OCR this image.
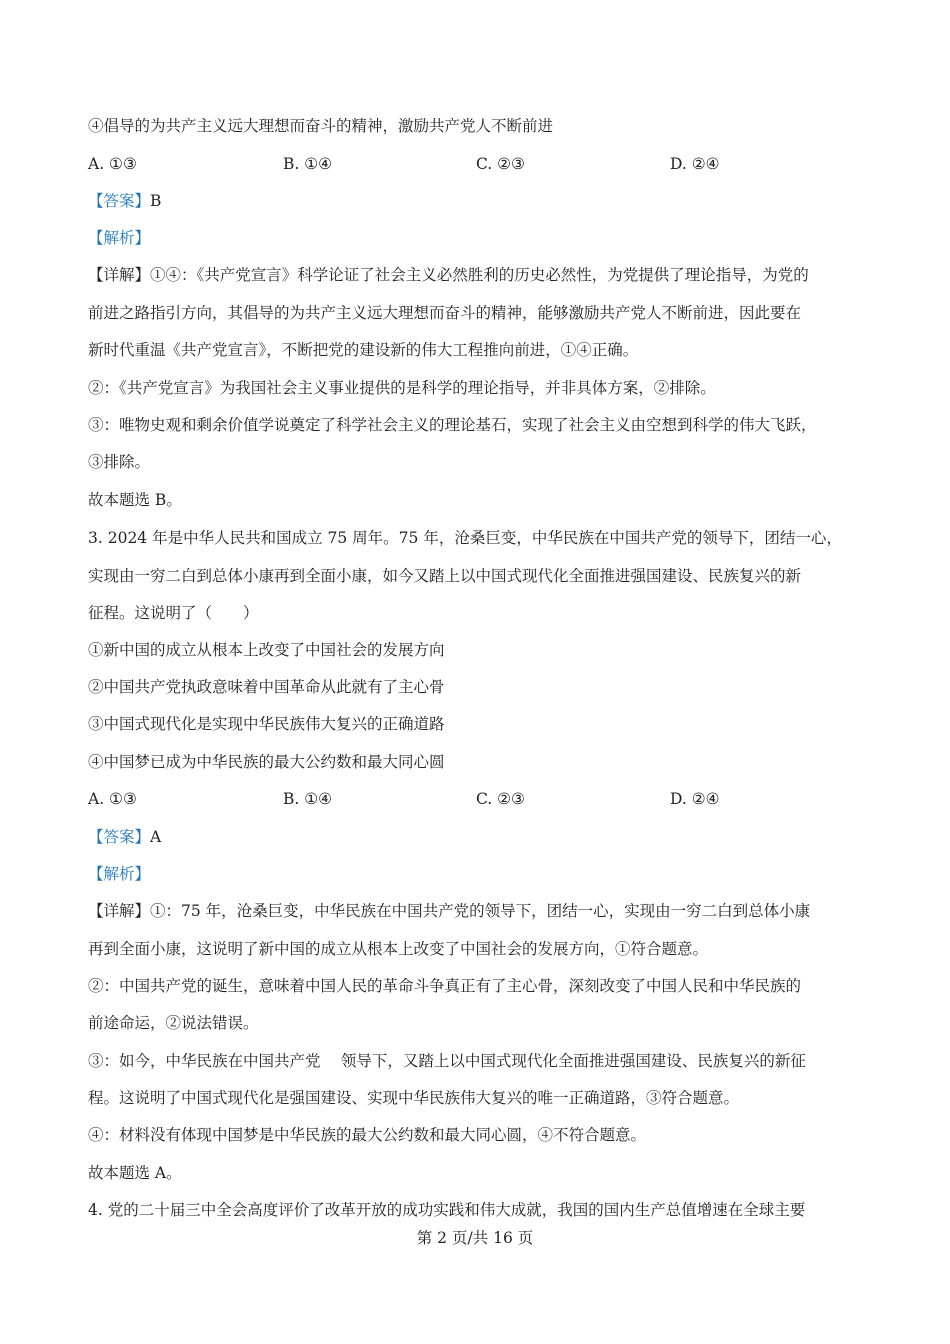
④倡导的为共产主义远大理想而奋斗的精神，激励共产党人不断前进
A. ①③	B. ①④	C. ②③	D. ②④
【答案】B
【解析】
【详解】①④：《共产党宣言》科学论证了社会主义必然胜利的历史必然性，为党提供了理论指导，为党的
前进之路指引方向，其倡导的为共产主义远大理想而奋斗的精神，能够激励共产党人不断前进，因此要在
新时代重温《共产党宣言》，不断把党的建设新的伟大工程推向前进，①④正确。
②：《共产党宣言》为我国社会主义事业提供的是科学的理论指导，并非具体方案，②排除。
③：唯物史观和剩余价值学说奠定了科学社会主义的理论基石，实现了社会主义由空想到科学的伟大飞跃，
③排除。
故本题选 B。
3. 2024 年是中华人民共和国成立 75 周年。75 年，沧桑巨变，中华民族在中国共产党的领导下，团结一心，
实现由一穷二白到总体小康再到全面小康，如今又踏上以中国式现代化全面推进强国建设、民族复兴的新
征程。这说明了（　　）
①新中国的成立从根本上改变了中国社会的发展方向
②中国共产党执政意味着中国革命从此就有了主心骨
③中国式现代化是实现中华民族伟大复兴的正确道路
④中国梦已成为中华民族的最大公约数和最大同心圆
A. ①③	B. ①④	C. ②③	D. ②④
【答案】A
【解析】
【详解】①：75 年，沧桑巨变，中华民族在中国共产党的领导下，团结一心，实现由一穷二白到总体小康
再到全面小康，这说明了新中国的成立从根本上改变了中国社会的发展方向，①符合题意。
②：中国共产党的诞生，意味着中国人民的革命斗争真正有了主心骨，深刻改变了中国人民和中华民族的
前途命运，②说法错误。
③：如今，中华民族在中国共产党　 领导下，又踏上以中国式现代化全面推进强国建设、民族复兴的新征
程。这说明了中国式现代化是强国建设、实现中华民族伟大复兴的唯一正确道路，③符合题意。
④：材料没有体现中国梦是中华民族的最大公约数和最大同心圆，④不符合题意。
故本题选 A。
4. 党的二十届三中全会高度评价了改革开放的成功实践和伟大成就，我国的国内生产总值增速在全球主要
第 2 页/共 16 页
